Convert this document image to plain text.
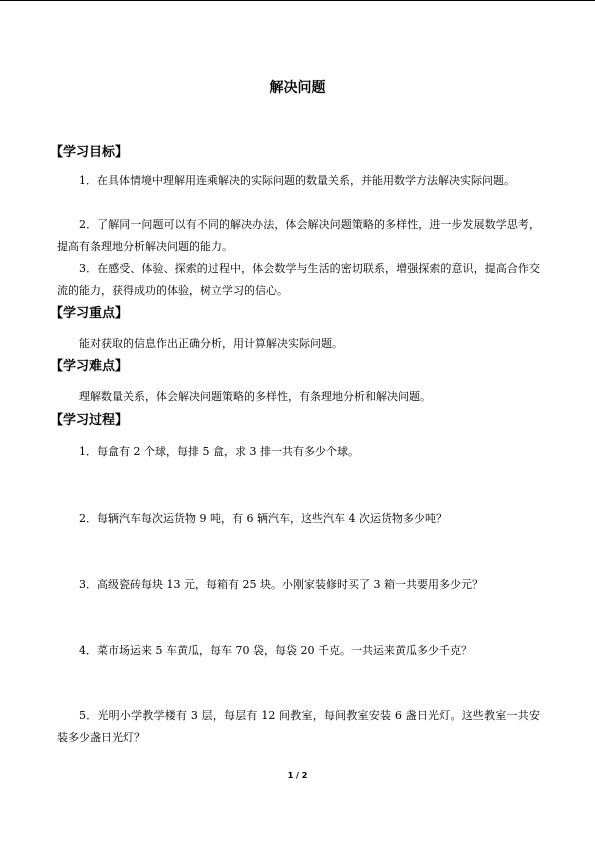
解决问题
【学习目标】
1．在具体情境中理解用连乘解决的实际问题的数量关系，并能用数学方法解决实际问题。
2．了解同一问题可以有不同的解决办法，体会解决问题策略的多样性，进一步发展数学思考，提高有条理地分析解决问题的能力。
3．在感受、体验、探索的过程中，体会数学与生活的密切联系，增强探索的意识，提高合作交流的能力，获得成功的体验，树立学习的信心。
【学习重点】
能对获取的信息作出正确分析，用计算解决实际问题。
【学习难点】
理解数量关系，体会解决问题策略的多样性，有条理地分析和解决问题。
【学习过程】
1．每盒有 2 个球，每排 5 盒，求 3 排一共有多少个球。
2．每辆汽车每次运货物 9 吨，有 6 辆汽车，这些汽车 4 次运货物多少吨？
3．高级瓷砖每块 13 元，每箱有 25 块。小刚家装修时买了 3 箱一共要用多少元？
4．菜市场运来 5 车黄瓜，每车 70 袋，每袋 20 千克。一共运来黄瓜多少千克？
5．光明小学教学楼有 3 层，每层有 12 间教室，每间教室安装 6 盏日光灯。这些教室一共安装多少盏日光灯？
1 / 2
